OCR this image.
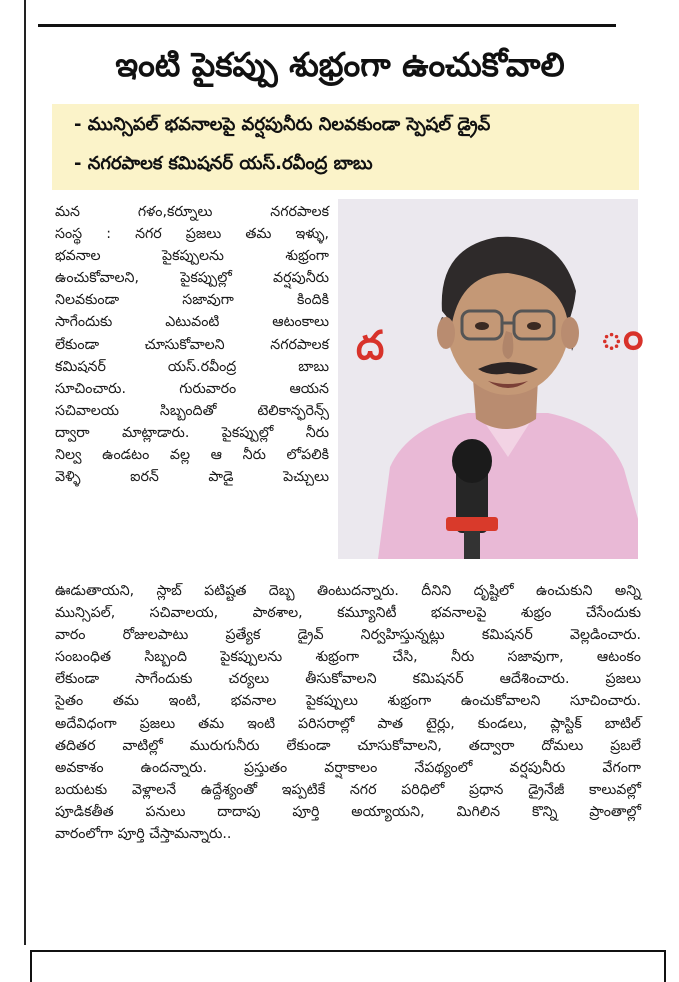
ఇంటి పైకప్పు శుభ్రంగా ఉంచుకోవాలి
- మున్సిపల్ భవనాలపై వర్షపునీరు నిలవకుండా స్పెషల్ డ్రైవ్
- నగరపాలక కమిషనర్ యస్.రవీంద్ర బాబు
ద	ం
మన గళం,కర్నూలు నగరపాలక
సంస్థ : నగర ప్రజలు తమ ఇళ్ళు,
భవనాల పైకప్పులను శుభ్రంగా
ఉంచుకోవాలని, పైకప్పుల్లో వర్షపునీరు
నిలవకుండా సజావుగా కిందికి
సాగేందుకు ఎటువంటి ఆటంకాలు
లేకుండా చూసుకోవాలని నగరపాలక
కమిషనర్ యస్.రవీంద్ర బాబు
సూచించారు. గురువారం ఆయన
సచివాలయ సిబ్బందితో టెలికాన్ఫరెన్స్
ద్వారా మాట్లాడారు. పైకప్పుల్లో నీరు
నిల్వ ఉండటం వల్ల ఆ నీరు లోపలికి
వెళ్ళి ఐరన్ పాడై పెచ్చులు
ఊడుతాయని, స్లాబ్ పటిష్టత దెబ్బ తింటుదన్నారు. దీనిని దృష్టిలో ఉంచుకుని అన్ని
మున్సిపల్, సచివాలయ, పాఠశాల, కమ్యూనిటీ భవనాలపై శుభ్రం చేసేందుకు
వారం రోజులపాటు ప్రత్యేక డ్రైవ్ నిర్వహిస్తున్నట్లు కమిషనర్ వెల్లడించారు.
సంబంధిత సిబ్బంది పైకప్పులను శుభ్రంగా చేసి, నీరు సజావుగా, ఆటంకం
లేకుండా సాగేందుకు చర్యలు తీసుకోవాలని కమిషనర్ ఆదేశించారు. ప్రజలు
సైతం తమ ఇంటి, భవనాల పైకప్పులు శుభ్రంగా ఉంచుకోవాలని సూచించారు.
అదేవిధంగా ప్రజలు తమ ఇంటి పరిసరాల్లో పాత టైర్లు, కుండలు, ప్లాస్టిక్ బాటిల్
తదితర వాటిల్లో మురుగునీరు లేకుండా చూసుకోవాలని, తద్వారా దోమలు ప్రబలే
అవకాశం ఉందన్నారు. ప్రస్తుతం వర్షాకాలం నేపథ్యంలో వర్షపునీరు వేగంగా
బయటకు వెళ్లాలనే ఉద్దేశ్యంతో ఇప్పటికే నగర పరిధిలో ప్రధాన డ్రైనేజీ కాలువల్లో
పూడికతీత పనులు దాదాపు పూర్తి అయ్యాయని, మిగిలిన కొన్ని ప్రాంతాల్లో
వారంలోగా పూర్తి చేస్తామన్నారు..
